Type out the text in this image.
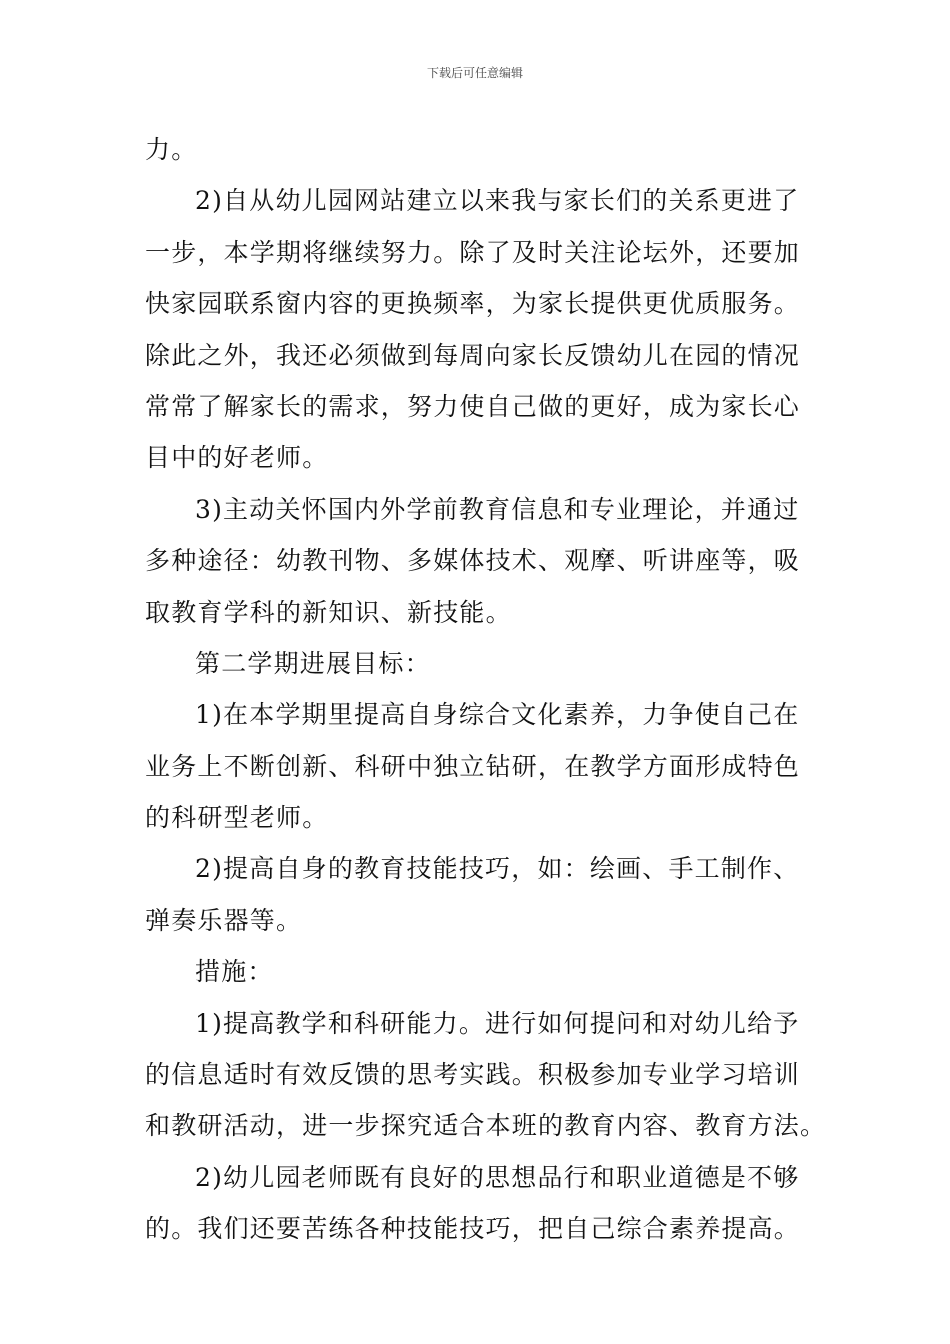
下载后可任意编辑
力。
2)自从幼儿园网站建立以来我与家长们的关系更进了
一步，本学期将继续努力。除了及时关注论坛外，还要加
快家园联系窗内容的更换频率，为家长提供更优质服务。
除此之外，我还必须做到每周向家长反馈幼儿在园的情况
常常了解家长的需求，努力使自己做的更好，成为家长心
目中的好老师。
3)主动关怀国内外学前教育信息和专业理论，并通过
多种途径：幼教刊物、多媒体技术、观摩、听讲座等，吸
取教育学科的新知识、新技能。
第二学期进展目标：
1)在本学期里提高自身综合文化素养，力争使自己在
业务上不断创新、科研中独立钻研，在教学方面形成特色
的科研型老师。
2)提高自身的教育技能技巧，如：绘画、手工制作、
弹奏乐器等。
措施：
1)提高教学和科研能力。进行如何提问和对幼儿给予
的信息适时有效反馈的思考实践。积极参加专业学习培训
和教研活动，进一步探究适合本班的教育内容、教育方法。
2)幼儿园老师既有良好的思想品行和职业道德是不够
的。我们还要苦练各种技能技巧，把自己综合素养提高。
